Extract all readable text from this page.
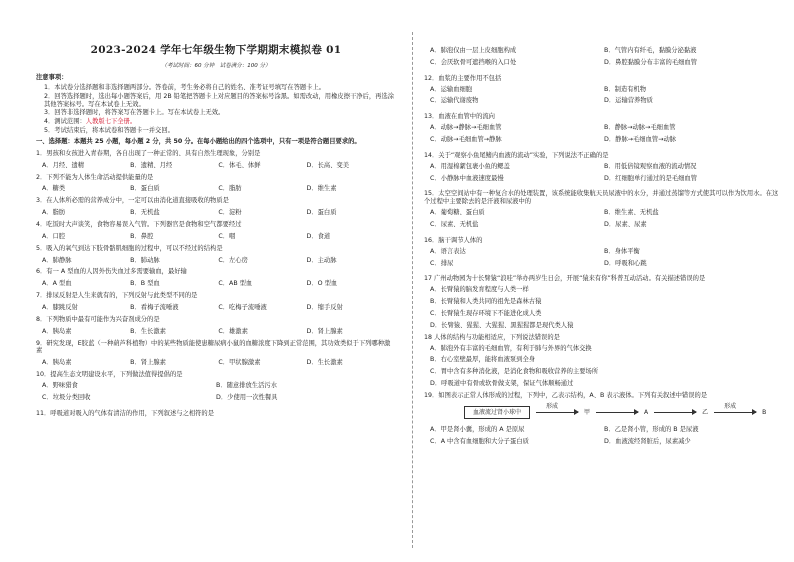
2023-2024 学年七年级生物下学期期末模拟卷 01
（考试时间：60 分钟　试卷满分：100 分）
注意事项：
1．本试卷分选择题和非选择题两部分。答卷前，考生务必将自己的姓名、准考证号填写在答题卡上。
2．回答选择题时，选出每小题答案后，用 2B 铅笔把答题卡上对应题目的答案标号涂黑。如需改动，用橡皮擦干净后，再选涂其他答案标号。写在本试卷上无效。
3．回答非选择题时，将答案写在答题卡上。写在本试卷上无效。
4．测试范围：人教版七下全册。
5．考试结束后，将本试卷和答题卡一并交回。
一、选择题：本题共 25 小题，每小题 2 分，共 50 分。在每小题给出的四个选项中，只有一项是符合题目要求的。
1．男孩和女孩进入青春期，各自出现了一种正常的、具有自然生理现象，分别是
A．月经、遗精	B．遗精、月经	C．体毛、体鲜	D．长高、变美
2．下列不能为人体生命活动提供能量的是
A．糖类	B．蛋白质	C．脂肪	D．维生素
3．在人体所必需的营养成分中，一定可以由消化道直接吸收的物质是
A．脂肪	B．无机盐	C．淀粉	D．蛋白质
4．吃饭时大声谈笑，食物容易误入气管。下列器官是食物和空气都要经过
A．口腔	B．鼻腔	C．咽	D．食道
5．吸入的氧气到达下肢骨骼肌细胞的过程中，可以不经过的结构是
A．肺静脉	B．肺动脉	C．左心房	D．主动脉
6．有一 A 型血的人因外伤失血过多需要输血，最好输
A．A 型血	B．B 型血	C．AB 型血	D．O 型血
7．排尿反射是人生来就有的，下列反射与此类型不同的是
A．膝跳反射	B．看梅子流唾液	C．吃梅子流唾液	D．缩手反射
8．下列物质中最有可能作为兴奋剂成分的是
A．胰岛素	B．生长激素	C．雄激素	D．肾上腺素
9．研究发现，Ε胶蓝（一种葫芦科植物）中的某些物质能使患糖尿病小鼠的血糖浓度下降到正常范围，其功效类似于下列哪种激素
A．胰岛素	B．肾上腺素	C．甲状腺激素	D．生长激素
10．提高生态文明建设水平，下列做法值得提倡的是
A．野味猎食	B．随意排放生活污水
C．垃圾分类回收	D．少使用一次性餐具
11．呼吸道对吸入的气体有清洁的作用，下列叙述与之相符的是
A．肺泡仅由一层上皮细胞构成	B．气管内有纤毛，黏膜分泌黏液
C．会厌软骨可遮挡喉的入口处	D．鼻腔黏膜分布丰富的毛细血管
12．血浆的主要作用不包括
A．运输血细胞	B．制造有机物
C．运输代谢废物	D．运输营养物质
13．血液在血管中的流向
A．动脉→静脉→毛细血管	B．静脉→动脉→毛细血管
C．动脉→毛细血管→静脉	D．静脉→毛细血管→动脉
14．关于“观察小鱼尾鳍内血液的流动”实验，下列说法不正确的是
A．用湿棉絮包裹小鱼的鳃盖	B．用低倍镜观察血液的流动情况
C．小静脉中血液速度最慢	D．红细胞单行通过的是毛细血管
15．太空空间站中有一种复合水的处理装置，该系统能收集航天员尿液中的水分，并通过蒸馏等方式使其可以作为饮用水。在这个过程中主要除去的是汗液和尿液中的
A．葡萄糖、蛋白质	B．维生素、无机盐
C．尿素、无机盐	D．尿素、尿素
16．脑干调节人体的
A．语言表达	B．身体平衡
C．排尿	D．呼吸和心跳
17 广州动物园为十长臂猿“浪哇”举办两岁生日会，开展“猿来有你”科普互动活动。有关描述错误的是
A．长臂猿的脑发育程度与人类一样
B．长臂猿和人类共同的祖先是森林古猿
C．长臂猿生现存环境下不能进化成人类
D．长臂猿、猩猩、大猩猩、黑猩猩都是现代类人猿
18 人体的结构与功能相适应，下列说法错误的是
A．肺泡外有丰富的毛细血管，有利于肺与外界的气体交换
B．右心室壁最厚，能将血液泵到全身
C．胃中含有多种消化液，是消化食物和吸收营养的主要场所
D．呼吸道中有骨或软骨做支架，保证气体顺畅通过
19．如图表示正常人体形成的过程，下列中，乙表示结构，A、B 表示液体。下列有关叙述中错误的是
血液流过肾小球中
形成
甲	A	乙
形成
B
A．甲是肾小囊，形成的 A 是原尿	B．乙是肾小管，形成的 B 是尿液
C．A 中含有血细胞和大分子蛋白质	D．血液流经肾脏后，尿素减少
